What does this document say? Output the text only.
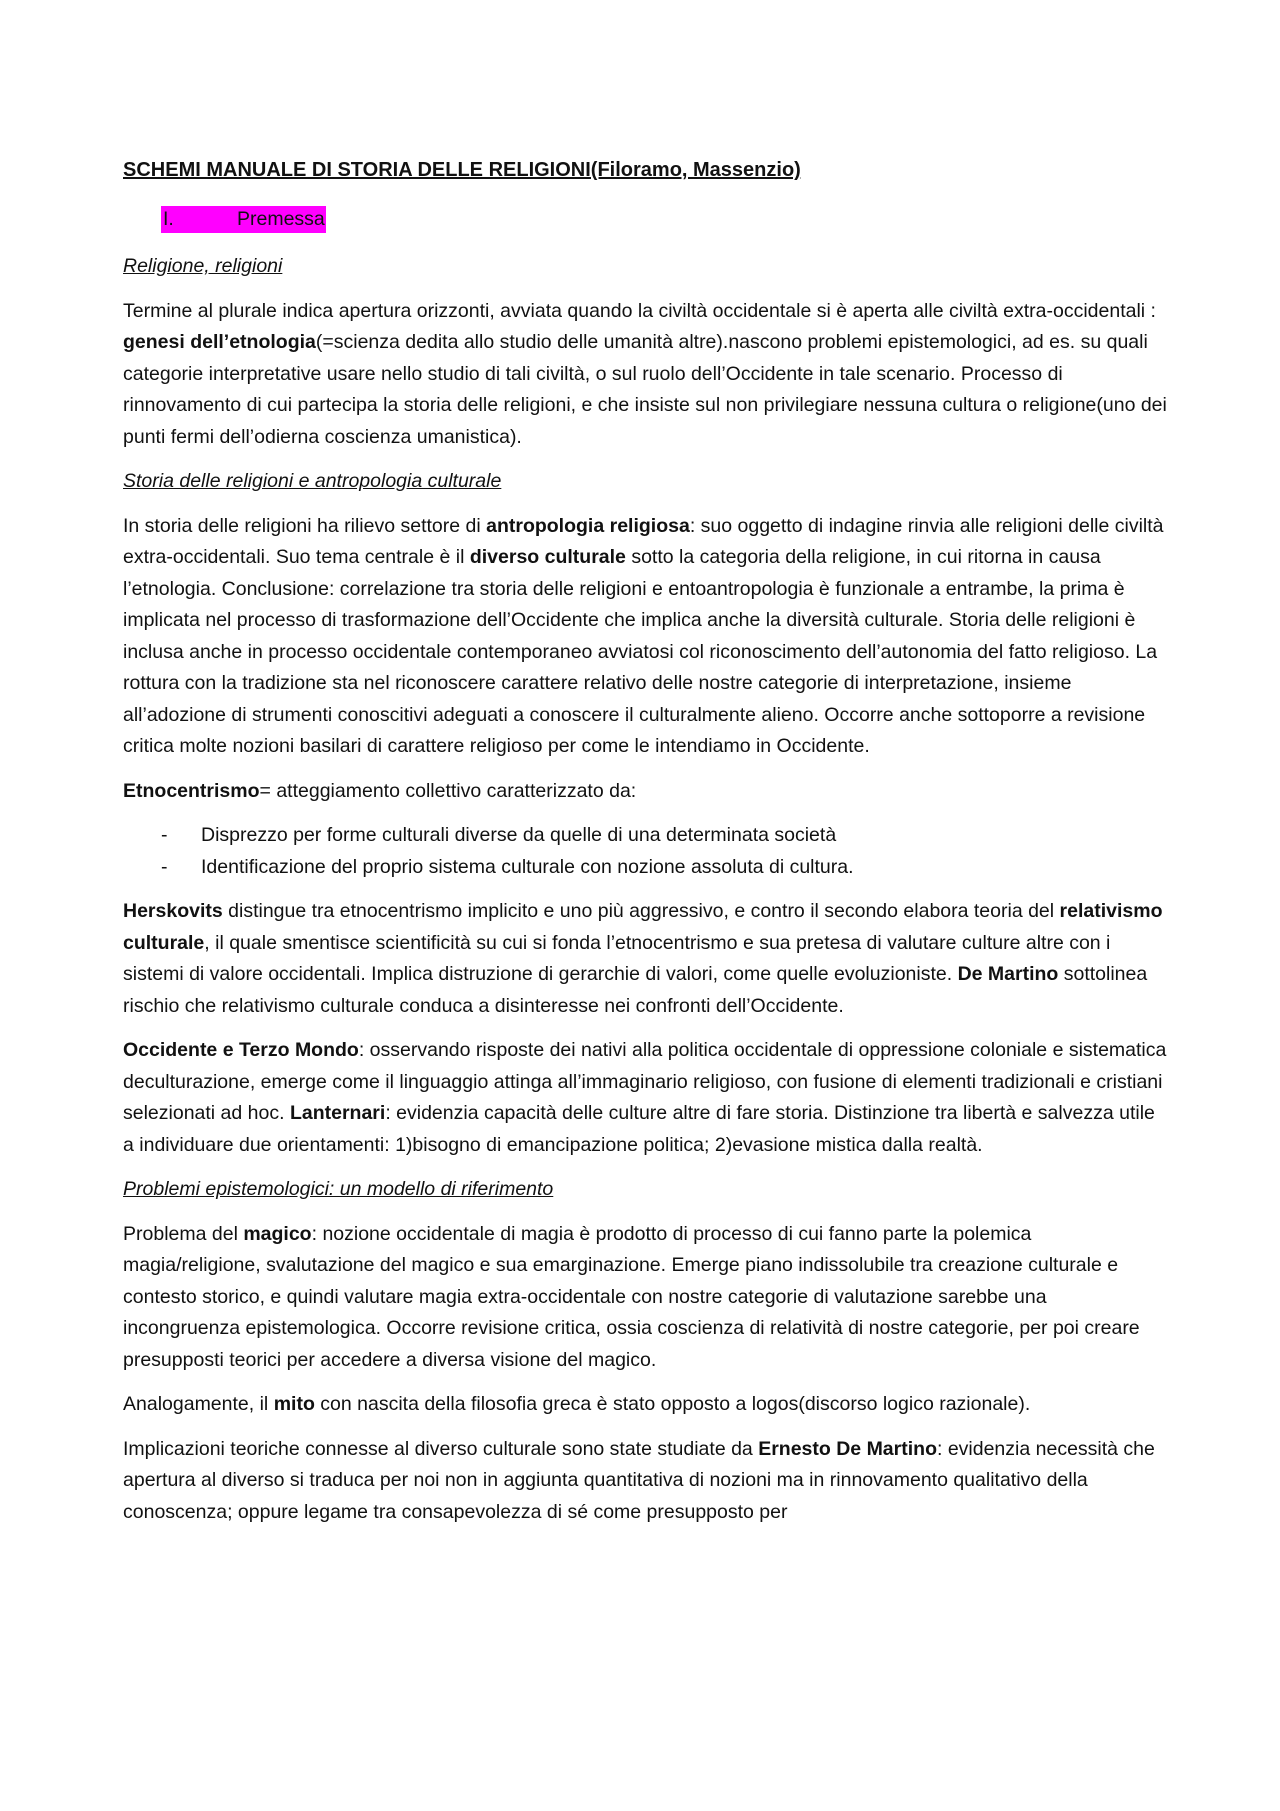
SCHEMI MANUALE DI STORIA DELLE RELIGIONI(Filoramo, Massenzio)
I.	Premessa
Religione, religioni

Termine al plurale indica apertura orizzonti, avviata quando la civiltà occidentale si è aperta alle civiltà extra-occidentali : genesi dell’etnologia(=scienza dedita allo studio delle umanità altre).nascono problemi epistemologici, ad es. su quali categorie interpretative usare nello studio di tali civiltà, o sul ruolo dell’Occidente in tale scenario. Processo di rinnovamento di cui partecipa la storia delle religioni, e che insiste sul non privilegiare nessuna cultura o religione(uno dei punti fermi dell’odierna coscienza umanistica).

Storia delle religioni e antropologia culturale

In storia delle religioni ha rilievo settore di antropologia religiosa: suo oggetto di indagine rinvia alle religioni delle civiltà extra-occidentali. Suo tema centrale è il diverso culturale sotto la categoria della religione, in cui ritorna in causa l’etnologia. Conclusione: correlazione tra storia delle religioni e entoantropologia è funzionale a entrambe, la prima è implicata nel processo di trasformazione dell’Occidente che implica anche la diversità culturale. Storia delle religioni è inclusa anche in processo occidentale contemporaneo avviatosi col riconoscimento dell’autonomia del fatto religioso. La rottura con la tradizione sta nel riconoscere carattere relativo delle nostre categorie di interpretazione, insieme all’adozione di strumenti conoscitivi adeguati a conoscere il culturalmente alieno. Occorre anche sottoporre a revisione critica molte nozioni basilari di carattere religioso per come le intendiamo in Occidente.

Etnocentrismo= atteggiamento collettivo caratterizzato da:

- Disprezzo per forme culturali diverse da quelle di una determinata società
- Identificazione del proprio sistema culturale con nozione assoluta di cultura.

Herskovits distingue tra etnocentrismo implicito e uno più aggressivo, e contro il secondo elabora teoria del relativismo culturale, il quale smentisce scientificità su cui si fonda l’etnocentrismo e sua pretesa di valutare culture altre con i sistemi di valore occidentali. Implica distruzione di gerarchie di valori, come quelle evoluzioniste. De Martino sottolinea rischio che relativismo culturale conduca a disinteresse nei confronti dell’Occidente.

Occidente e Terzo Mondo: osservando risposte dei nativi alla politica occidentale di oppressione coloniale e sistematica deculturazione, emerge come il linguaggio attinga all’immaginario religioso, con fusione di elementi tradizionali e cristiani selezionati ad hoc. Lanternari: evidenzia capacità delle culture altre di fare storia. Distinzione tra libertà e salvezza utile a individuare due orientamenti: 1)bisogno di emancipazione politica; 2)evasione mistica dalla realtà.

Problemi epistemologici: un modello di riferimento

Problema del magico: nozione occidentale di magia è prodotto di processo di cui fanno parte la polemica magia/religione, svalutazione del magico e sua emarginazione. Emerge piano indissolubile tra creazione culturale e contesto storico, e quindi valutare magia extra-occidentale con nostre categorie di valutazione sarebbe una incongruenza epistemologica. Occorre revisione critica, ossia coscienza di relatività di nostre categorie, per poi creare presupposti teorici per accedere a diversa visione del magico.

Analogamente, il mito con nascita della filosofia greca è stato opposto a logos(discorso logico razionale).

Implicazioni teoriche connesse al diverso culturale sono state studiate da Ernesto De Martino: evidenzia necessità che apertura al diverso si traduca per noi non in aggiunta quantitativa di nozioni ma in rinnovamento qualitativo della conoscenza; oppure legame tra consapevolezza di sé come presupposto per
